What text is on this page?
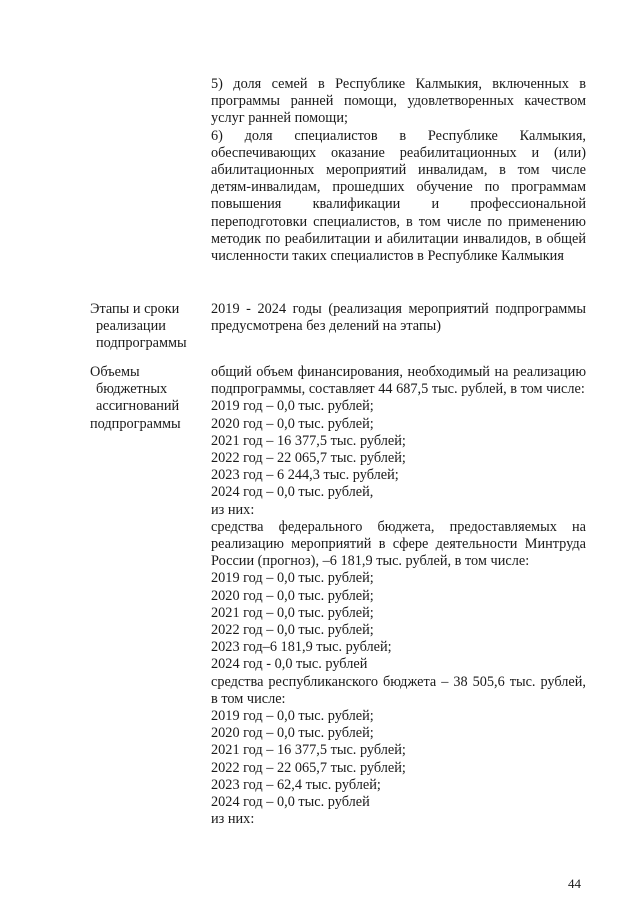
5) доля семей в Республике Калмыкия, включенных в программы ранней помощи, удовлетворенных качеством услуг ранней помощи;

6) доля специалистов в Республике Калмыкия, обеспечивающих оказание реабилитационных и (или) абилитационных мероприятий инвалидам, в том числе детям-инвалидам, прошедших обучение по программам повышения квалификации и профессиональной переподготовки специалистов, в том числе по применению методик по реабилитации и абилитации инвалидов, в общей численности таких специалистов в Республике Калмыкия

Этапы и сроки
реализации
подпрограммы

2019 - 2024 годы (реализация мероприятий подпрограммы предусмотрена без делений на этапы)

Объемы
бюджетных
ассигнований
подпрограммы

общий объем финансирования, необходимый на реализацию подпрограммы, составляет 44 687,5 тыс. рублей, в том числе:

2019 год – 0,0 тыс. рублей;

2020 год – 0,0 тыс. рублей;

2021 год – 16 377,5 тыс. рублей;

2022 год – 22 065,7 тыс. рублей;

2023 год – 6 244,3 тыс. рублей;

2024 год – 0,0 тыс. рублей,

из них:

средства федерального бюджета, предоставляемых на реализацию мероприятий в сфере деятельности Минтруда России (прогноз), –6 181,9 тыс. рублей, в том числе:

2019 год – 0,0 тыс. рублей;

2020 год – 0,0 тыс. рублей;

2021 год – 0,0 тыс. рублей;

2022 год – 0,0 тыс. рублей;

2023 год–6 181,9 тыс. рублей;

2024 год - 0,0 тыс. рублей

средства республиканского бюджета – 38 505,6 тыс. рублей, в том числе:

2019 год – 0,0 тыс. рублей;

2020 год – 0,0 тыс. рублей;

2021 год – 16 377,5 тыс. рублей;

2022 год – 22 065,7 тыс. рублей;

2023 год – 62,4 тыс. рублей;

2024 год – 0,0 тыс. рублей

из них:

44
